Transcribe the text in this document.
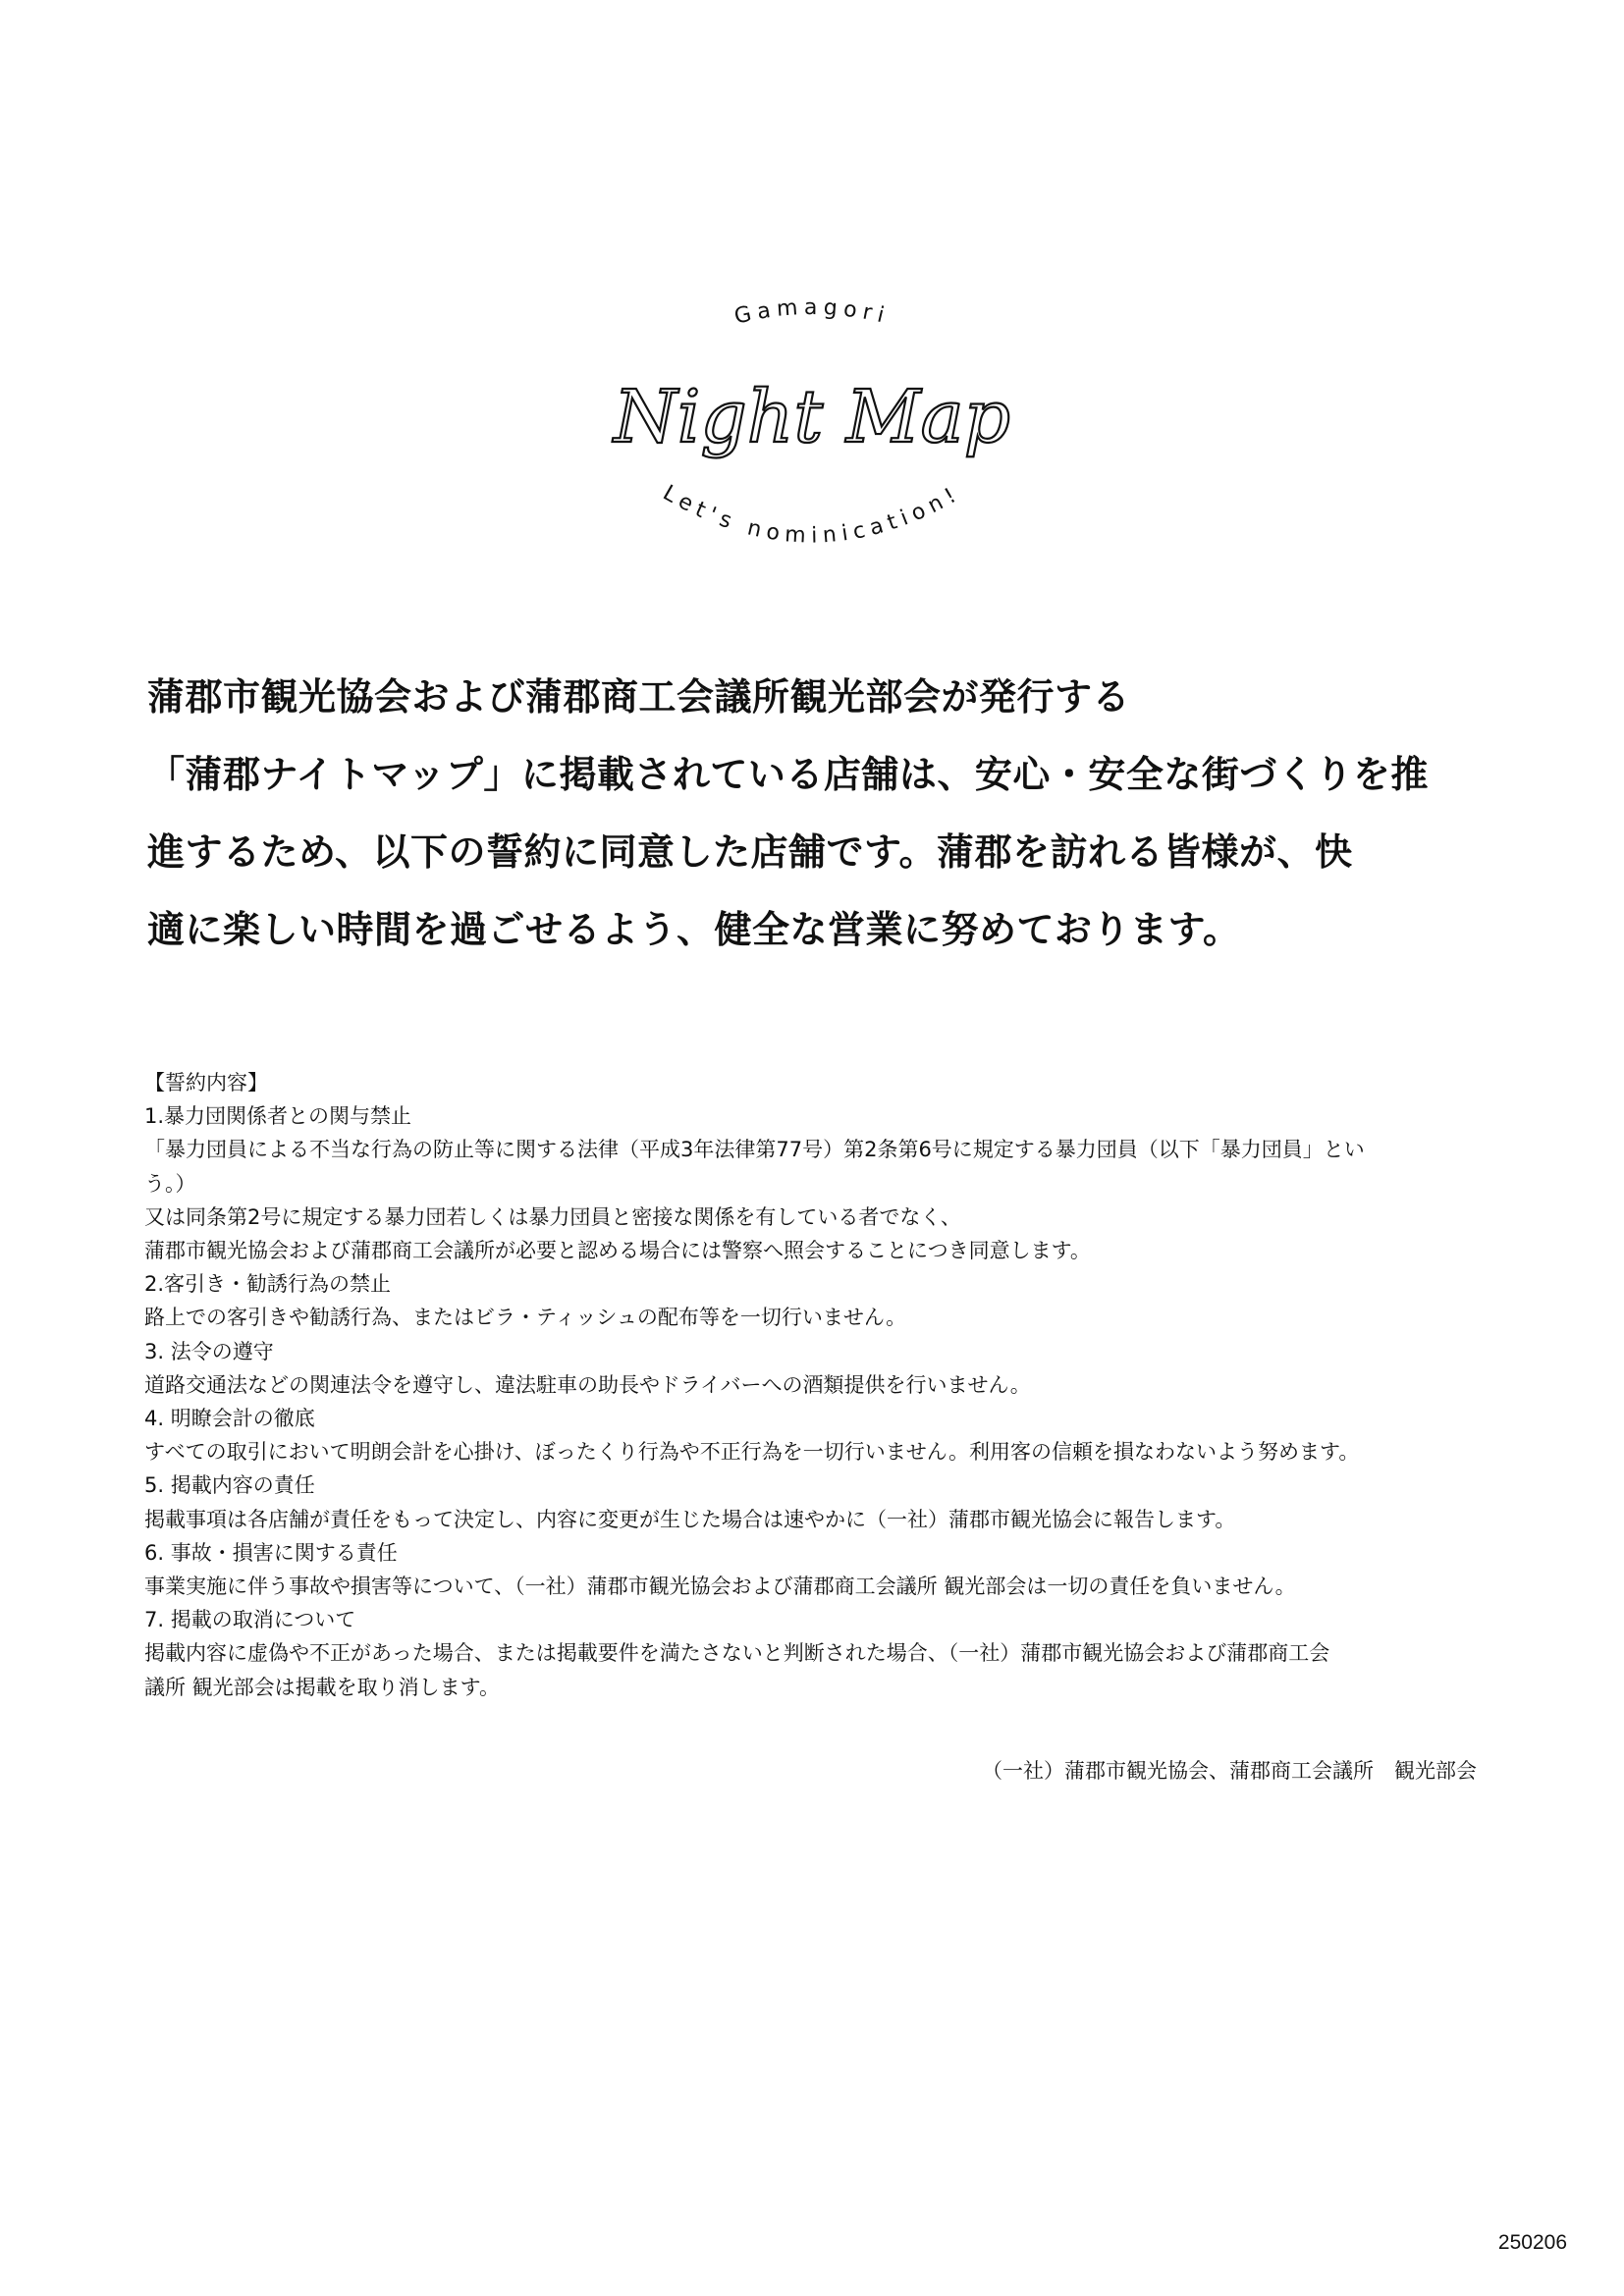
Gamagori
Night Map
Let's nominication!

蒲郡市観光協会および蒲郡商工会議所観光部会が発行する

「蒲郡ナイトマップ」に掲載されている店舗は、安心・安全な街づくりを推

進するため、以下の誓約に同意した店舗です。蒲郡を訪れる皆様が、快

適に楽しい時間を過ごせるよう、健全な営業に努めております。

【誓約内容】

1.暴力団関係者との関与禁止

「暴力団員による不当な行為の防止等に関する法律（平成3年法律第77号）第2条第6号に規定する暴力団員（以下「暴力団員」とい

う。）

又は同条第2号に規定する暴力団若しくは暴力団員と密接な関係を有している者でなく、

蒲郡市観光協会および蒲郡商工会議所が必要と認める場合には警察へ照会することにつき同意します。

2.客引き・勧誘行為の禁止

路上での客引きや勧誘行為、またはビラ・ティッシュの配布等を一切行いません。

3. 法令の遵守

道路交通法などの関連法令を遵守し、違法駐車の助長やドライバーへの酒類提供を行いません。

4. 明瞭会計の徹底

すべての取引において明朗会計を心掛け、ぼったくり行為や不正行為を一切行いません。利用客の信頼を損なわないよう努めます。

5. 掲載内容の責任

掲載事項は各店舗が責任をもって決定し、内容に変更が生じた場合は速やかに（一社）蒲郡市観光協会に報告します。

6. 事故・損害に関する責任

事業実施に伴う事故や損害等について、（一社）蒲郡市観光協会および蒲郡商工会議所 観光部会は一切の責任を負いません。

7. 掲載の取消について

掲載内容に虚偽や不正があった場合、または掲載要件を満たさないと判断された場合、（一社）蒲郡市観光協会および蒲郡商工会

議所 観光部会は掲載を取り消します。

（一社）蒲郡市観光協会、蒲郡商工会議所　観光部会
250206
